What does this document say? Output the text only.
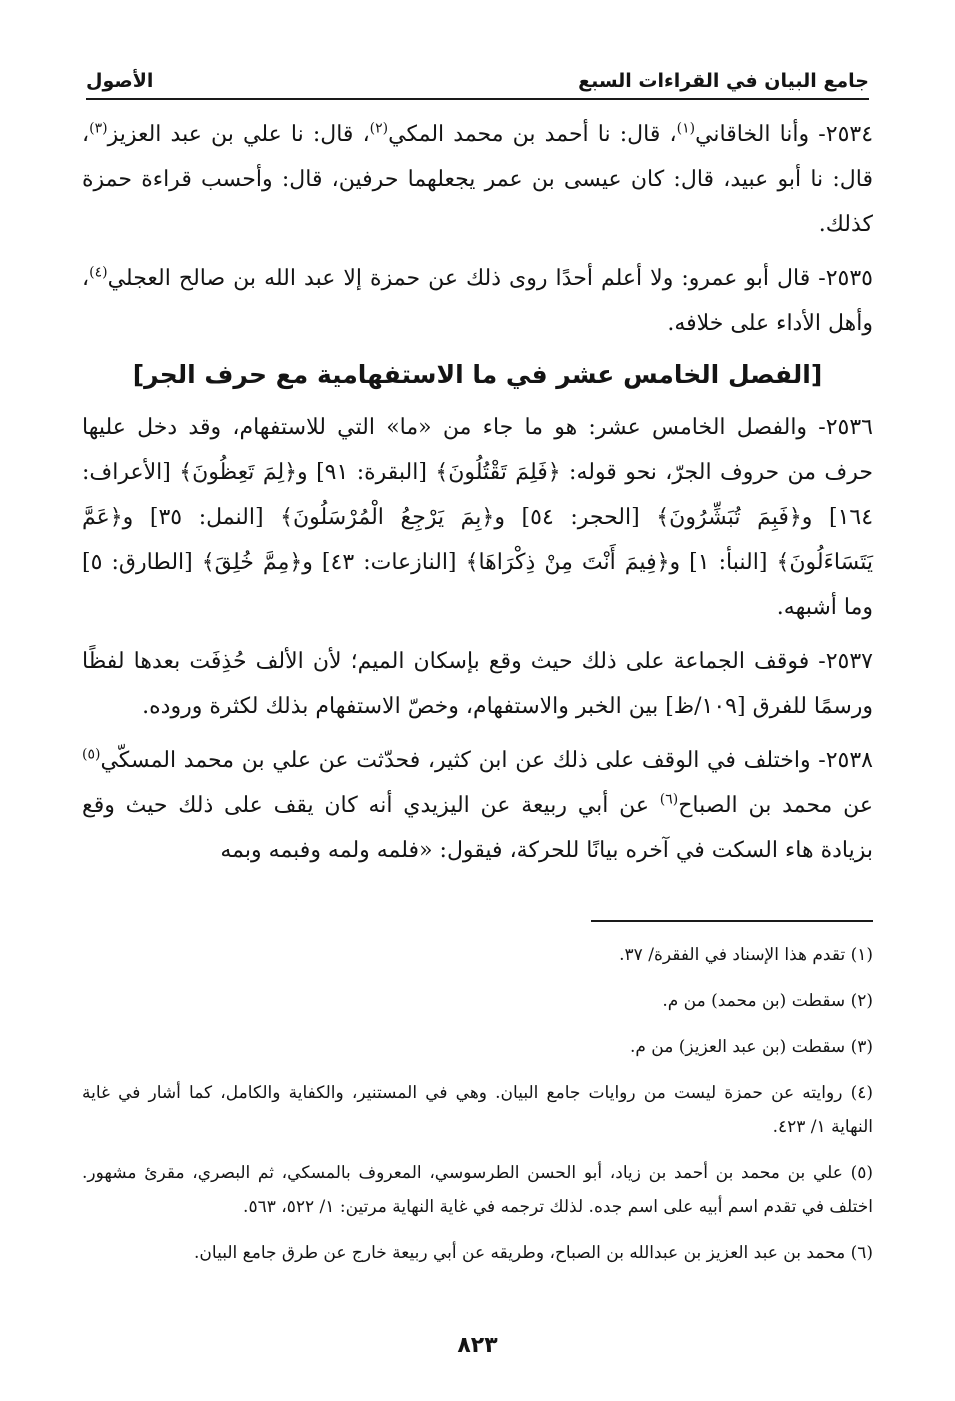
جامع البيان في القراءات السبع
الأصول

٢٥٣٤- وأنا الخاقاني$^{(١)}$، قال: نا أحمد بن محمد المكي$^{(٢)}$، قال: نا علي بن عبد العزيز$^{(٣)}$، قال: نا أبو عبيد، قال: كان عيسى بن عمر يجعلهما حرفين، قال: وأحسب قراءة حمزة كذلك.

٢٥٣٥- قال أبو عمرو: ولا أعلم أحدًا روى ذلك عن حمزة إلا عبد الله بن صالح العجلي$^{(٤)}$، وأهل الأداء على خلافه.

[الفصل الخامس عشر في ما الاستفهامية مع حرف الجر]

٢٥٣٦- والفصل الخامس عشر: هو ما جاء من «ما» التي للاستفهام، وقد دخل عليها حرف من حروف الجرّ، نحو قوله: ﴿فَلِمَ تَقْتُلُونَ﴾ [البقرة: ٩١] و﴿لِمَ تَعِظُونَ﴾ [الأعراف: ١٦٤] و﴿فَبِمَ تُبَشِّرُونَ﴾ [الحجر: ٥٤] و﴿بِمَ يَرْجِعُ الْمُرْسَلُونَ﴾ [النمل: ٣٥] و﴿عَمَّ يَتَسَاءَلُونَ﴾ [النبأ: ١] و﴿فِيمَ أَنْتَ مِنْ ذِكْرَاهَا﴾ [النازعات: ٤٣] و﴿مِمَّ خُلِقَ﴾ [الطارق: ٥] وما أشبهه.

٢٥٣٧- فوقف الجماعة على ذلك حيث وقع بإسكان الميم؛ لأن الألف حُذِفَت بعدها لفظًا ورسمًا للفرق [١٠٩/ظ] بين الخبر والاستفهام، وخصّ الاستفهام بذلك لكثرة وروده.

٢٥٣٨- واختلف في الوقف على ذلك عن ابن كثير، فحدّثت عن علي بن محمد المسكّي$^{(٥)}$ عن محمد بن الصباح$^{(٦)}$ عن أبي ربيعة عن اليزيدي أنه كان يقف على ذلك حيث وقع بزيادة هاء السكت في آخره بيانًا للحركة، فيقول: «فلمه ولمه وفبمه وبمه

(١) تقدم هذا الإسناد في الفقرة/ ٣٧.

(٢) سقطت (بن محمد) من م.

(٣) سقطت (بن عبد العزيز) من م.

(٤) روايته عن حمزة ليست من روايات جامع البيان. وهي في المستنير، والكفاية والكامل، كما أشار في غاية النهاية ١/ ٤٢٣.

(٥) علي بن محمد بن أحمد بن زياد، أبو الحسن الطرسوسي، المعروف بالمسكي، ثم البصري، مقرئ مشهور. اختلف في تقدم اسم أبيه على اسم جده. لذلك ترجمه في غاية النهاية مرتين: ١/ ٥٢٢، ٥٦٣.

(٦) محمد بن عبد العزيز بن عبدالله بن الصباح، وطريقه عن أبي ربيعة خارج عن طرق جامع البيان.

٨٢٣
